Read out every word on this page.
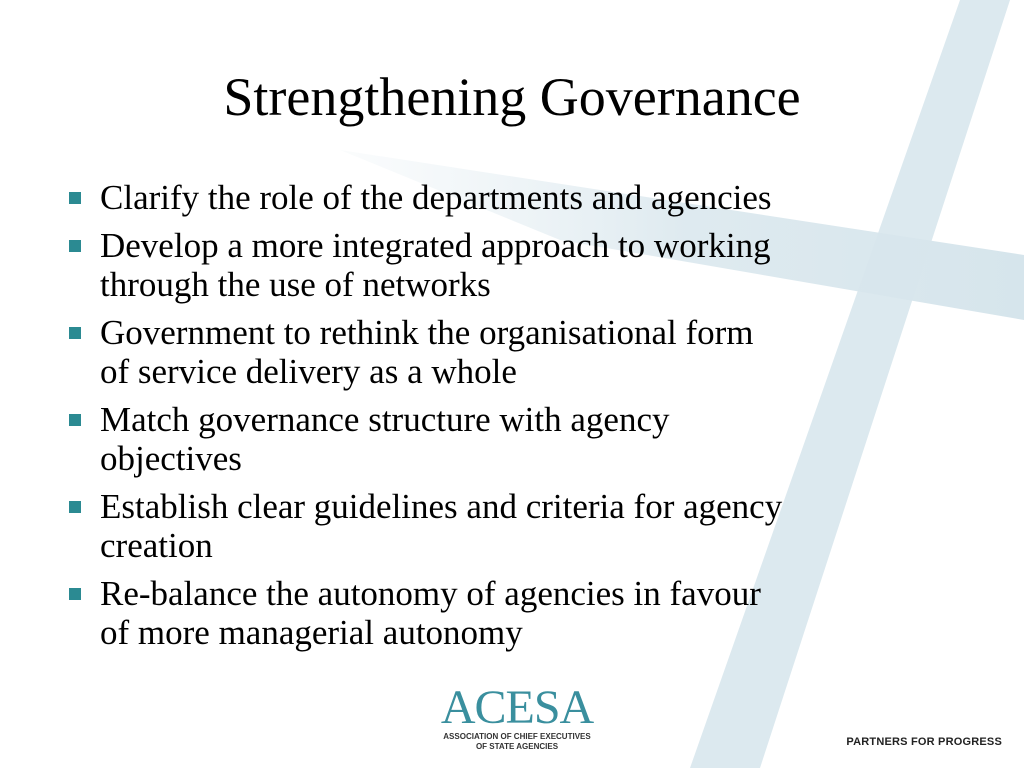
Strengthening Governance
Clarify the role of the departments and agencies
Develop a more integrated approach to working
through the use of networks
Government to rethink the organisational form
of service delivery as a whole
Match governance structure with agency
objectives
Establish clear guidelines and criteria for agency
creation
Re-balance the autonomy of agencies in favour
of more managerial autonomy
ACESA
ASSOCIATION OF CHIEF EXECUTIVES
OF STATE AGENCIES	PARTNERS FOR PROGRESS
